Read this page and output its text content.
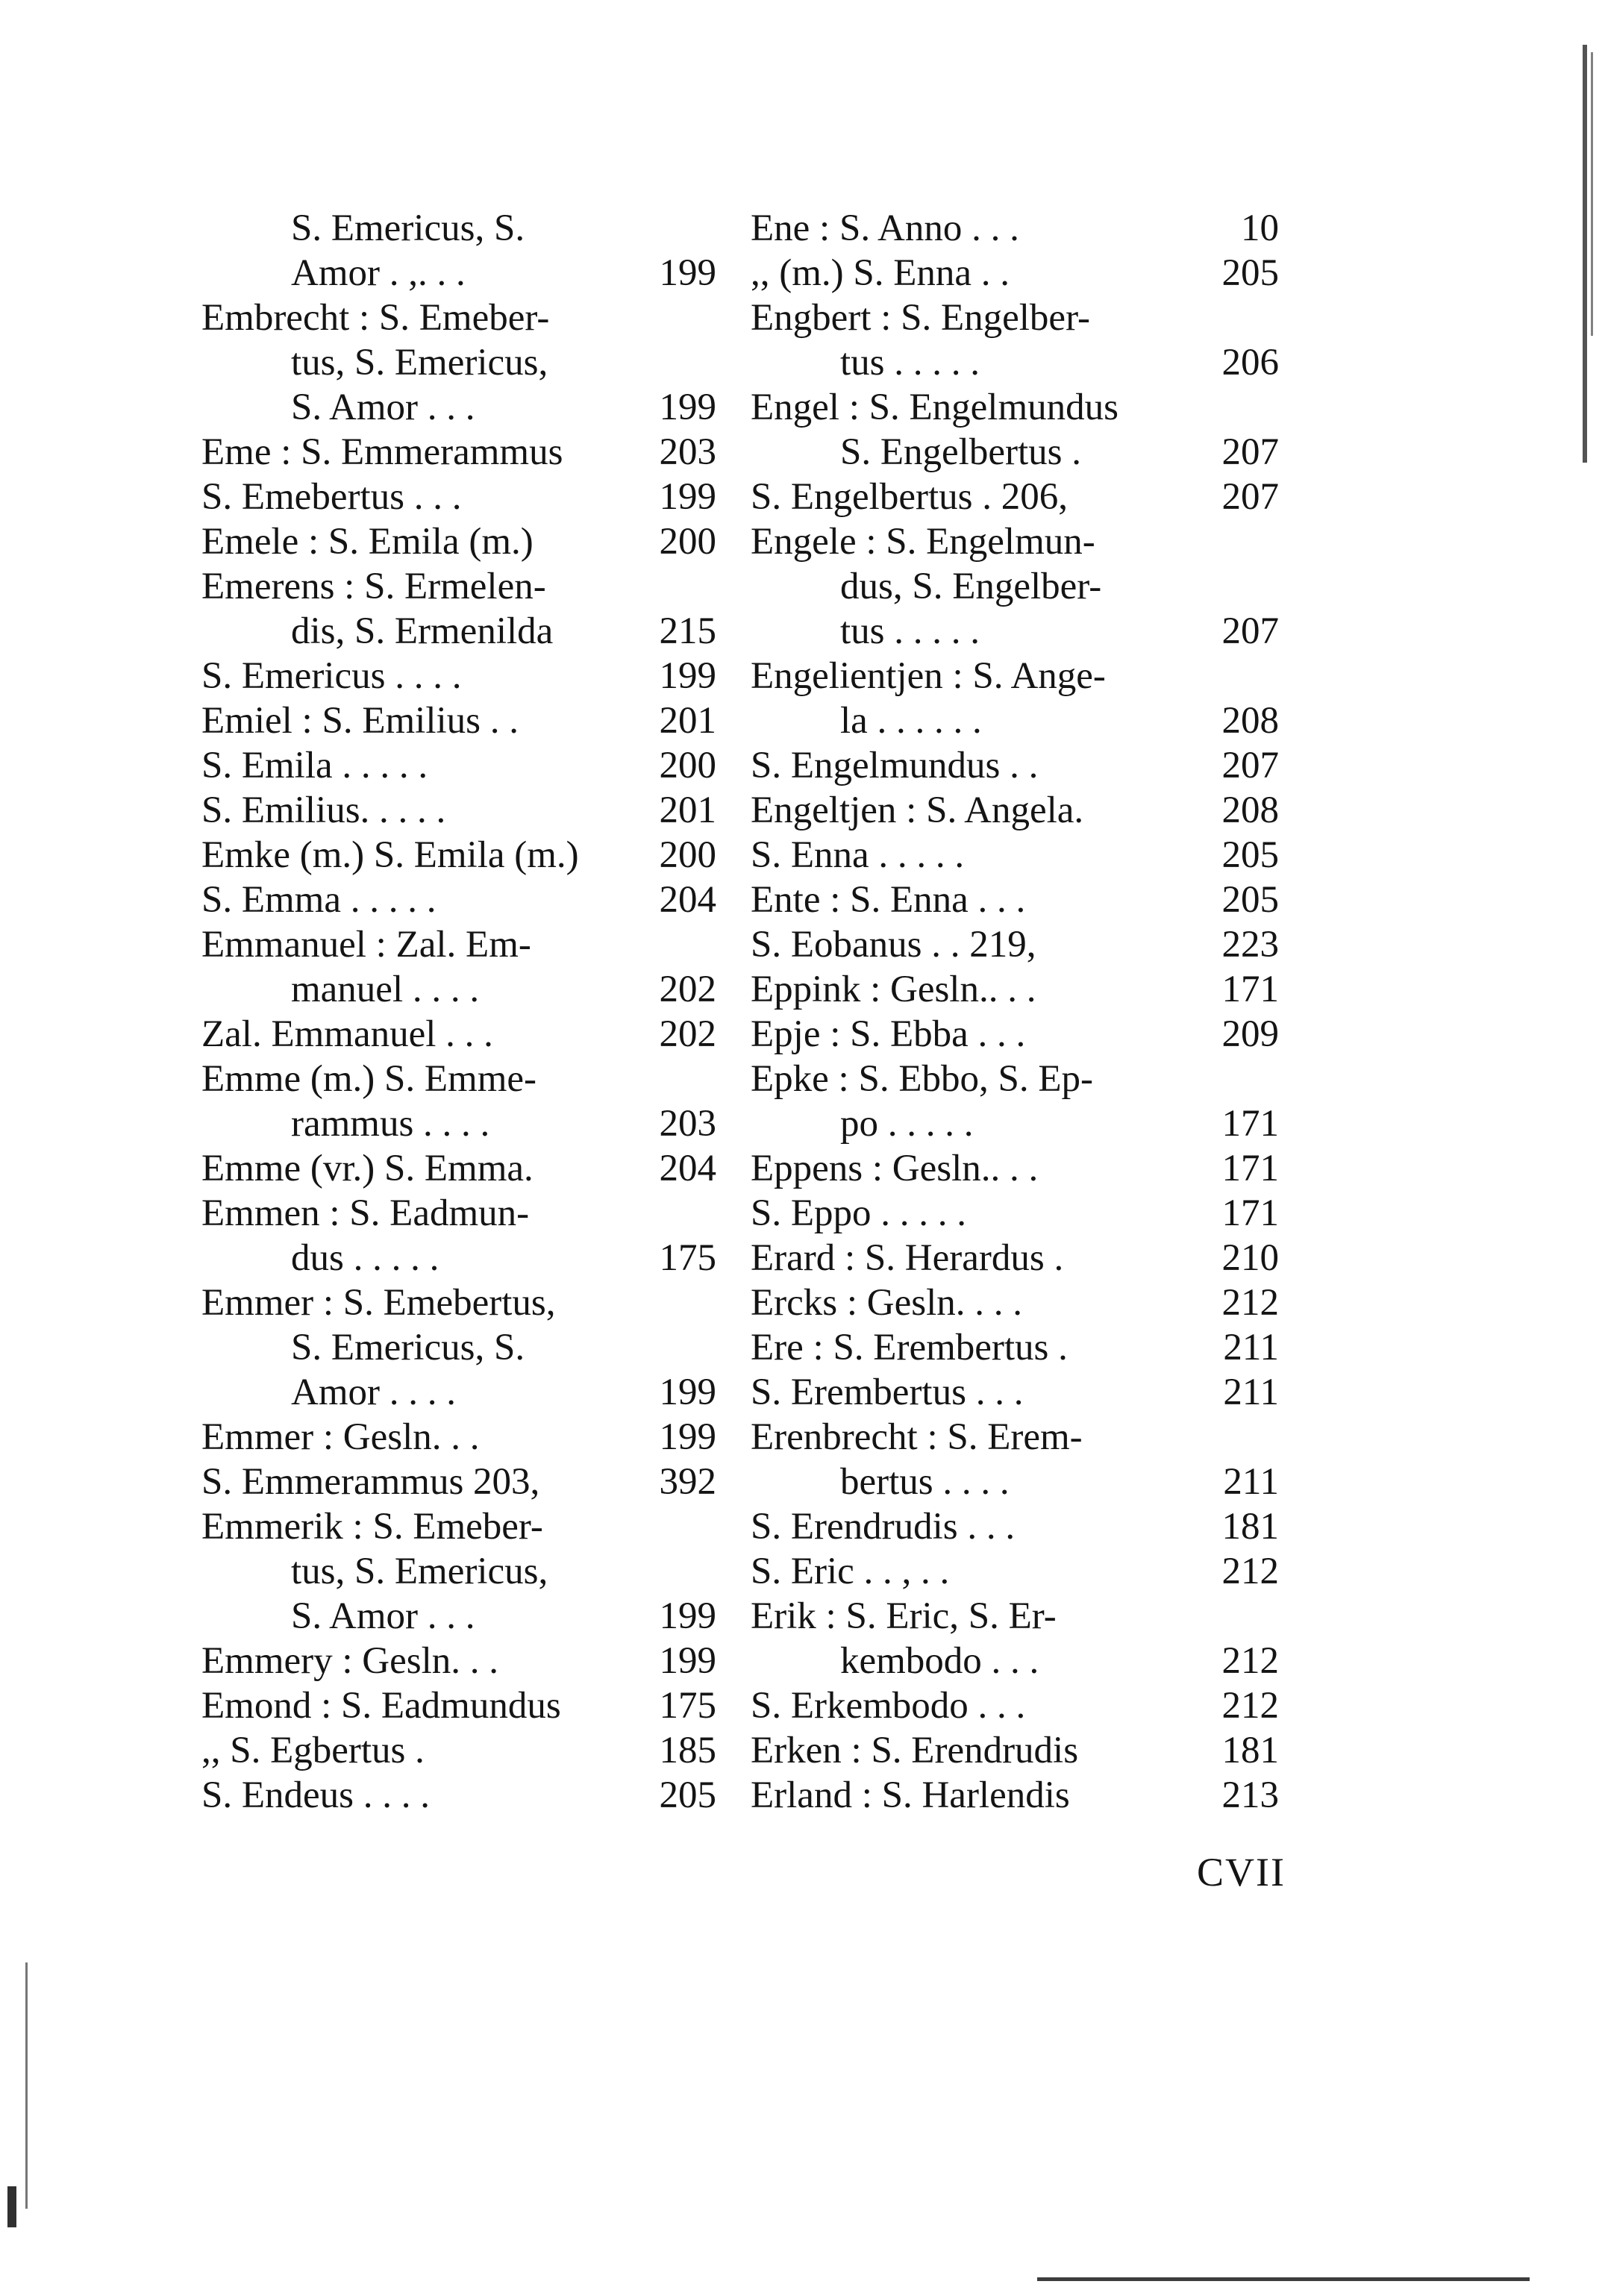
S. Emericus, S.
Amor . ,. . .	199
Embrecht : S. Emeber-
tus, S. Emericus,
S. Amor . . .	199
Eme : S. Emmerammus	203
S. Emebertus . . .	199
Emele : S. Emila (m.)	200
Emerens : S. Ermelen-
dis, S. Ermenilda	215
S. Emericus . . . .	199
Emiel : S. Emilius . .	201
S. Emila . . . . .	200
S. Emilius. . . . .	201
Emke (m.) S. Emila (m.) 200
S. Emma . . . . .	204
Emmanuel : Zal. Em-
manuel . . . .	202
Zal. Emmanuel . . .	202
Emme (m.) S. Emme-
rammus . . . .	203
Emme (vr.) S. Emma.	204
Emmen : S. Eadmun-
dus . . . . .	175
Emmer : S. Emebertus,
S. Emericus, S.
Amor . . . .	199
Emmer : Gesln. . .	199
S. Emmerammus 203,	392
Emmerik : S. Emeber-
tus, S. Emericus,
S. Amor . . .	199
Emmery : Gesln. . .	199
Emond : S. Eadmundus	175
,, S. Egbertus .	185
S. Endeus . . . .	205
Ene : S. Anno . . .	10
,, (m.) S. Enna . .	205
Engbert : S. Engelber-
tus . . . . .	206
Engel : S. Engelmundus
S. Engelbertus .	207
S. Engelbertus . 206,	207
Engele : S. Engelmun-
dus, S. Engelber-
tus . . . . .	207
Engelientjen : S. Ange-
la . . . . . .	208
S. Engelmundus . .	207
Engeltjen : S. Angela.	208
S. Enna . . . . .	205
Ente : S. Enna . . .	205
S. Eobanus . . 219,	223
Eppink : Gesln.. . .	171
Epje : S. Ebba . . .	209
Epke : S. Ebbo, S. Ep-
po . . . . .	171
Eppens : Gesln.. . .	171
S. Eppo . . . . .	171
Erard : S. Herardus .	210
Ercks : Gesln. . . .	212
Ere : S. Erembertus .	211
S. Erembertus . . .	211
Erenbrecht : S. Erem-
bertus . . . .	211
S. Erendrudis . . .	181
S. Eric . . , . .	212
Erik : S. Eric, S. Er-
kembodo . . .	212
S. Erkembodo . . .	212
Erken : S. Erendrudis	181
Erland : S. Harlendis	213
CVII
